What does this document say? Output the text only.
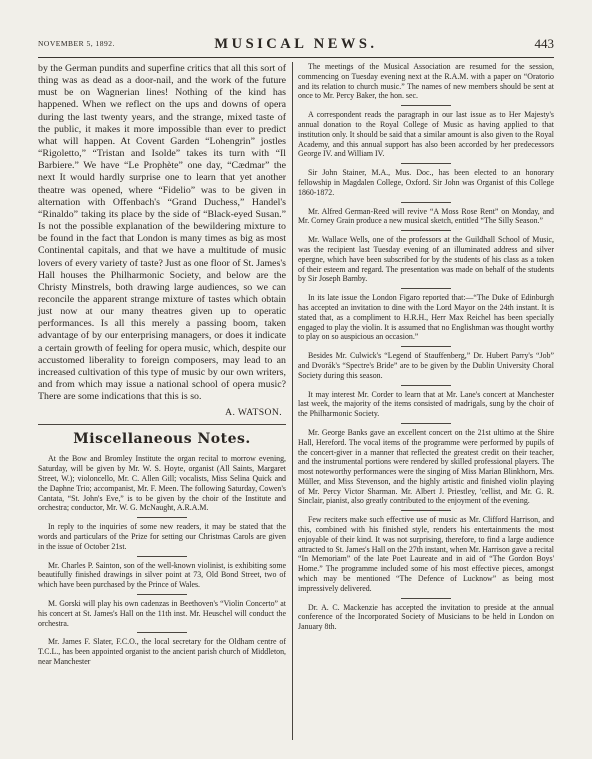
NOVEMBER 5, 1892.	MUSICAL NEWS.	443

by the German pundits and superfine critics that all this sort of thing was as dead as a door-nail, and the work of the future must be on Wagnerian lines! Nothing of the kind has happened. When we reflect on the ups and downs of opera during the last twenty years, and the strange, mixed taste of the public, it makes it more impossible than ever to predict what will happen. At Covent Garden “Lohengrin” jostles “Rigoletto,” “Tristan and Isolde” takes its turn with “Il Barbiere.” We have “Le Prophète” one day, “Cædmar” the next It would hardly surprise one to learn that yet another theatre was opened, where “Fidelio” was to be given in alternation with Offenbach's “Grand Duchess,” Handel's “Rinaldo” taking its place by the side of “Black-eyed Susan.” Is not the possible explanation of the bewildering mixture to be found in the fact that London is many times as big as most Continental capitals, and that we have a multitude of music lovers of every variety of taste? Just as one floor of St. James's Hall houses the Philharmonic Society, and below are the Christy Minstrels, both drawing large audiences, so we can reconcile the apparent strange mixture of tastes which obtain just now at our many theatres given up to operatic performances. Is all this merely a passing boom, taken advantage of by our enterprising managers, or does it indicate a certain growth of feeling for opera music, which, despite our accustomed liberality to foreign composers, may lead to an increased cultivation of this type of music by our own writers, and from which may issue a national school of opera music? There are some indications that this is so.

A. WATSON.
Miscellaneous Notes.

At the Bow and Bromley Institute the organ recital to morrow evening, Saturday, will be given by Mr. W. S. Hoyte, organist (All Saints, Margaret Street, W.); violoncello, Mr. C. Allen Gill; vocalists, Miss Selina Quick and the Daphne Trio; accompanist, Mr. F. Meen. The following Saturday, Cowen's Cantata, “St. John's Eve,” is to be given by the choir of the Institute and orchestra; conductor, Mr. W. G. McNaught, A.R.A.M.

In reply to the inquiries of some new readers, it may be stated that the words and particulars of the Prize for setting our Christmas Carols are given in the issue of October 21st.

Mr. Charles P. Sainton, son of the well-known violinist, is exhibiting some beautifully finished drawings in silver point at 73, Old Bond Street, two of which have been purchased by the Prince of Wales.

M. Gorski will play his own cadenzas in Beethoven's “Violin Concerto” at his concert at St. James's Hall on the 11th inst. Mr. Heuschel will conduct the orchestra.

Mr. James F. Slater, F.C.O., the local secretary for the Oldham centre of T.C.L., has been appointed organist to the ancient parish church of Middleton, near Manchester

The meetings of the Musical Association are resumed for the session, commencing on Tuesday evening next at the R.A.M. with a paper on “Oratorio and its relation to church music.” The names of new members should be sent at once to Mr. Percy Baker, the hon. sec.

A correspondent reads the paragraph in our last issue as to Her Majesty's annual donation to the Royal College of Music as having applied to that institution only. It should be said that a similar amount is also given to the Royal Academy, and this annual support has also been accorded by her predecessors George IV. and William IV.

Sir John Stainer, M.A., Mus. Doc., has been elected to an honorary fellowship in Magdalen College, Oxford. Sir John was Organist of this College 1860-1872.

Mr. Alfred German-Reed will revive “A Moss Rose Rent” on Monday, and Mr. Corney Grain produce a new musical sketch, entitled “The Silly Season.”

Mr. Wallace Wells, one of the professors at the Guildhall School of Music, was the recipient last Tuesday evening of an illuminated address and silver epergne, which have been subscribed for by the students of his class as a token of their esteem and regard. The presentation was made on behalf of the students by Sir Joseph Barnby.

In its late issue the London Figaro reported that:—“The Duke of Edinburgh has accepted an invitation to dine with the Lord Mayor on the 24th instant. It is stated that, as a compliment to H.R.H., Herr Max Reichel has been specially engaged to play the violin. It is assumed that no Englishman was thought worthy to play on so auspicious an occasion.”

Besides Mr. Culwick's “Legend of Stauffenberg,” Dr. Hubert Parry's “Job” and Dvorák's “Spectre's Bride” are to be given by the Dublin University Choral Society during this season.

It may interest Mr. Corder to learn that at Mr. Lane's concert at Manchester last week, the majority of the items consisted of madrigals, sung by the choir of the Philharmonic Society.

Mr. George Banks gave an excellent concert on the 21st ultimo at the Shire Hall, Hereford. The vocal items of the programme were performed by pupils of the concert-giver in a manner that reflected the greatest credit on their teacher, and the instrumental portions were rendered by skilled professional players. The most noteworthy performances were the singing of Miss Marian Blinkhorn, Mrs. Müller, and Miss Stevenson, and the highly artistic and finished violin playing of Mr. Percy Victor Sharman. Mr. Albert J. Priestley, 'cellist, and Mr. G. R. Sinclair, pianist, also greatly contributed to the enjoyment of the evening.

Few reciters make such effective use of music as Mr. Clifford Harrison, and this, combined with his finished style, renders his entertainments the most enjoyable of their kind. It was not surprising, therefore, to find a large audience attracted to St. James's Hall on the 27th instant, when Mr. Harrison gave a recital “In Memoriam” of the late Poet Laureate and in aid of “The Gordon Boys' Home.” The programme included some of his most effective pieces, amongst which may be mentioned “The Defence of Lucknow” as being most impressively delivered.

Dr. A. C. Mackenzie has accepted the invitation to preside at the annual conference of the Incorporated Society of Musicians to be held in London on January 8th.
